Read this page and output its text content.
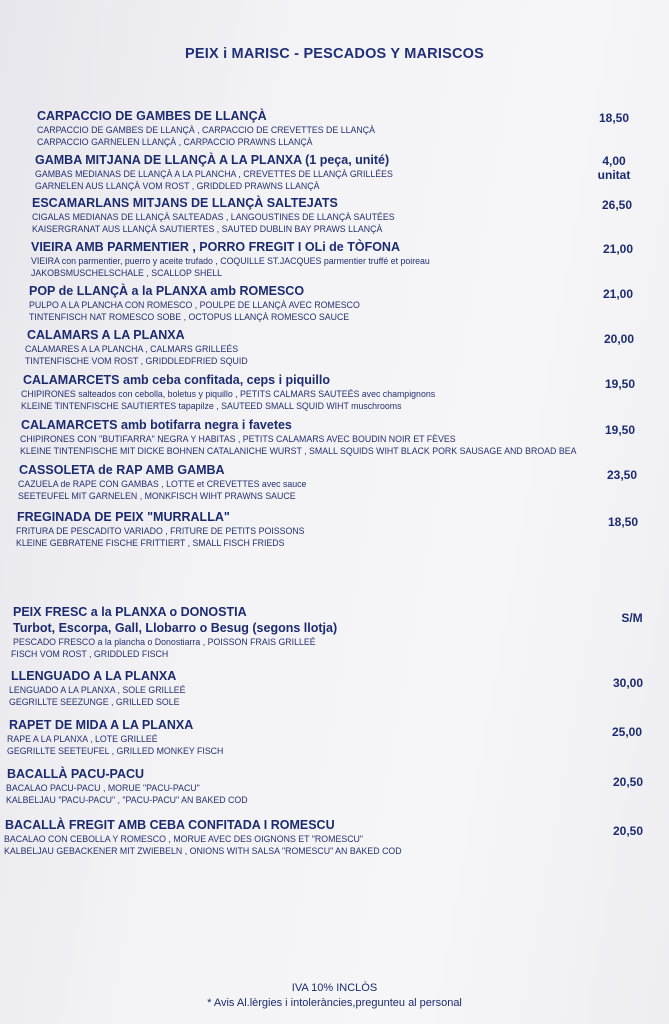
PEIX i MARISC - PESCADOS Y MARISCOS
CARPACCIO DE GAMBES DE LLANÇÀ
CARPACCIO DE GAMBES DE LLANÇÀ , CARPACCIO DE CREVETTES DE LLANÇÀ
CARPACCIO GARNELEN LLANÇÀ , CARPACCIO PRAWNS LLANÇÀ
18,50
GAMBA MITJANA DE LLANÇÀ A LA PLANXA (1 peça, unité)
GAMBAS MEDIANAS DE LLANÇÀ A LA PLANCHA , CREVETTES DE LLANÇÀ GRILLÉES
GARNELEN AUS LLANÇÀ VOM ROST , GRIDDLED PRAWNS LLANÇÀ
4,00
unitat
ESCAMARLANS MITJANS DE LLANÇÀ SALTEJATS
CIGALAS MEDIANAS DE LLANÇÀ SALTEADAS , LANGOUSTINES DE LLANÇÀ SAUTÉES
KAISERGRANAT AUS LLANÇÀ SAUTIERTES , SAUTED DUBLIN BAY PRAWS LLANÇÀ
26,50
VIEIRA AMB PARMENTIER , PORRO FREGIT I OLi de TÒFONA
VIEIRA con parmentier, puerro y aceite trufado , COQUILLE ST.JACQUES parmentier truffé et poireau
JAKOBSMUSCHELSCHALE , SCALLOP SHELL
21,00
POP de LLANÇÀ a la PLANXA amb ROMESCO
PULPO A LA PLANCHA CON ROMESCO , POULPE DE LLANÇÀ AVEC ROMESCO
TINTENFISCH NAT ROMESCO SOBE , OCTOPUS LLANÇÀ ROMESCO SAUCE
21,00
CALAMARS A LA PLANXA
CALAMARES A LA PLANCHA , CALMARS GRILLEÉS
TINTENFISCHE VOM ROST , GRIDDLEDFRIED SQUID
20,00
CALAMARCETS amb ceba confitada, ceps i piquillo
CHIPIRONES salteados con cebolla, boletus y piquillo , PETITS CALMARS SAUTEÉS avec champignons
KLEINE TINTENFISCHE SAUTIERTES tapapilze , SAUTEED SMALL SQUID WIHT muschrooms
19,50
CALAMARCETS amb botifarra negra i favetes
CHIPIRONES CON "BUTIFARRA" NEGRA Y HABITAS , PETITS CALAMARS AVEC BOUDIN NOIR ET FÈVES
KLEINE TINTENFISCHE MIT DICKE BOHNEN CATALANICHE WURST , SMALL SQUIDS WIHT BLACK PORK SAUSAGE AND BROAD BEA
19,50
CASSOLETA de RAP AMB GAMBA
CAZUELA de RAPE CON GAMBAS , LOTTE et CREVETTES avec sauce
SEETEUFEL MIT GARNELEN , MONKFISCH WIHT PRAWNS SAUCE
23,50
FREGINADA DE PEIX "MURRALLA"
FRITURA DE PESCADITO VARIADO , FRITURE DE PETITS POISSONS
KLEINE GEBRATENE FISCHE FRITTIERT , SMALL FISCH FRIEDS
18,50
PEIX FRESC a la PLANXA o DONOSTIA
Turbot, Escorpa, Gall, Llobarro o Besug (segons llotja)
PESCADO FRESCO a la plancha o Donostiarra , POISSON FRAIS GRILLEÉ
FISCH VOM ROST , GRIDDLED FISCH
S/M
LLENGUADO A LA PLANXA
LENGUADO A LA PLANXA , SOLE GRILLEÉ
GEGRILLTE SEEZUNGE , GRILLED SOLE
30,00
RAPET DE MIDA A LA PLANXA
RAPE A LA PLANXA , LOTE GRILLEÉ
GEGRILLTE SEETEUFEL , GRILLED MONKEY FISCH
25,00
BACALLÀ PACU-PACU
BACALAO PACU-PACU , MORUE "PACU-PACU"
KALBELJAU "PACU-PACU" , "PACU-PACU" AN BAKED COD
20,50
BACALLÀ FREGIT AMB CEBA CONFITADA I ROMESCU
BACALAO CON CEBOLLA Y ROMESCO , MORUE AVEC DES OIGNONS ET "ROMESCU"
KALBELJAU GEBACKENER MIT ZWIEBELN , ONIONS WITH SALSA "ROMESCU" AN BAKED COD
20,50
IVA 10% INCLÒS
* Avis Al.lèrgies i intoleràncies,pregunteu al personal
